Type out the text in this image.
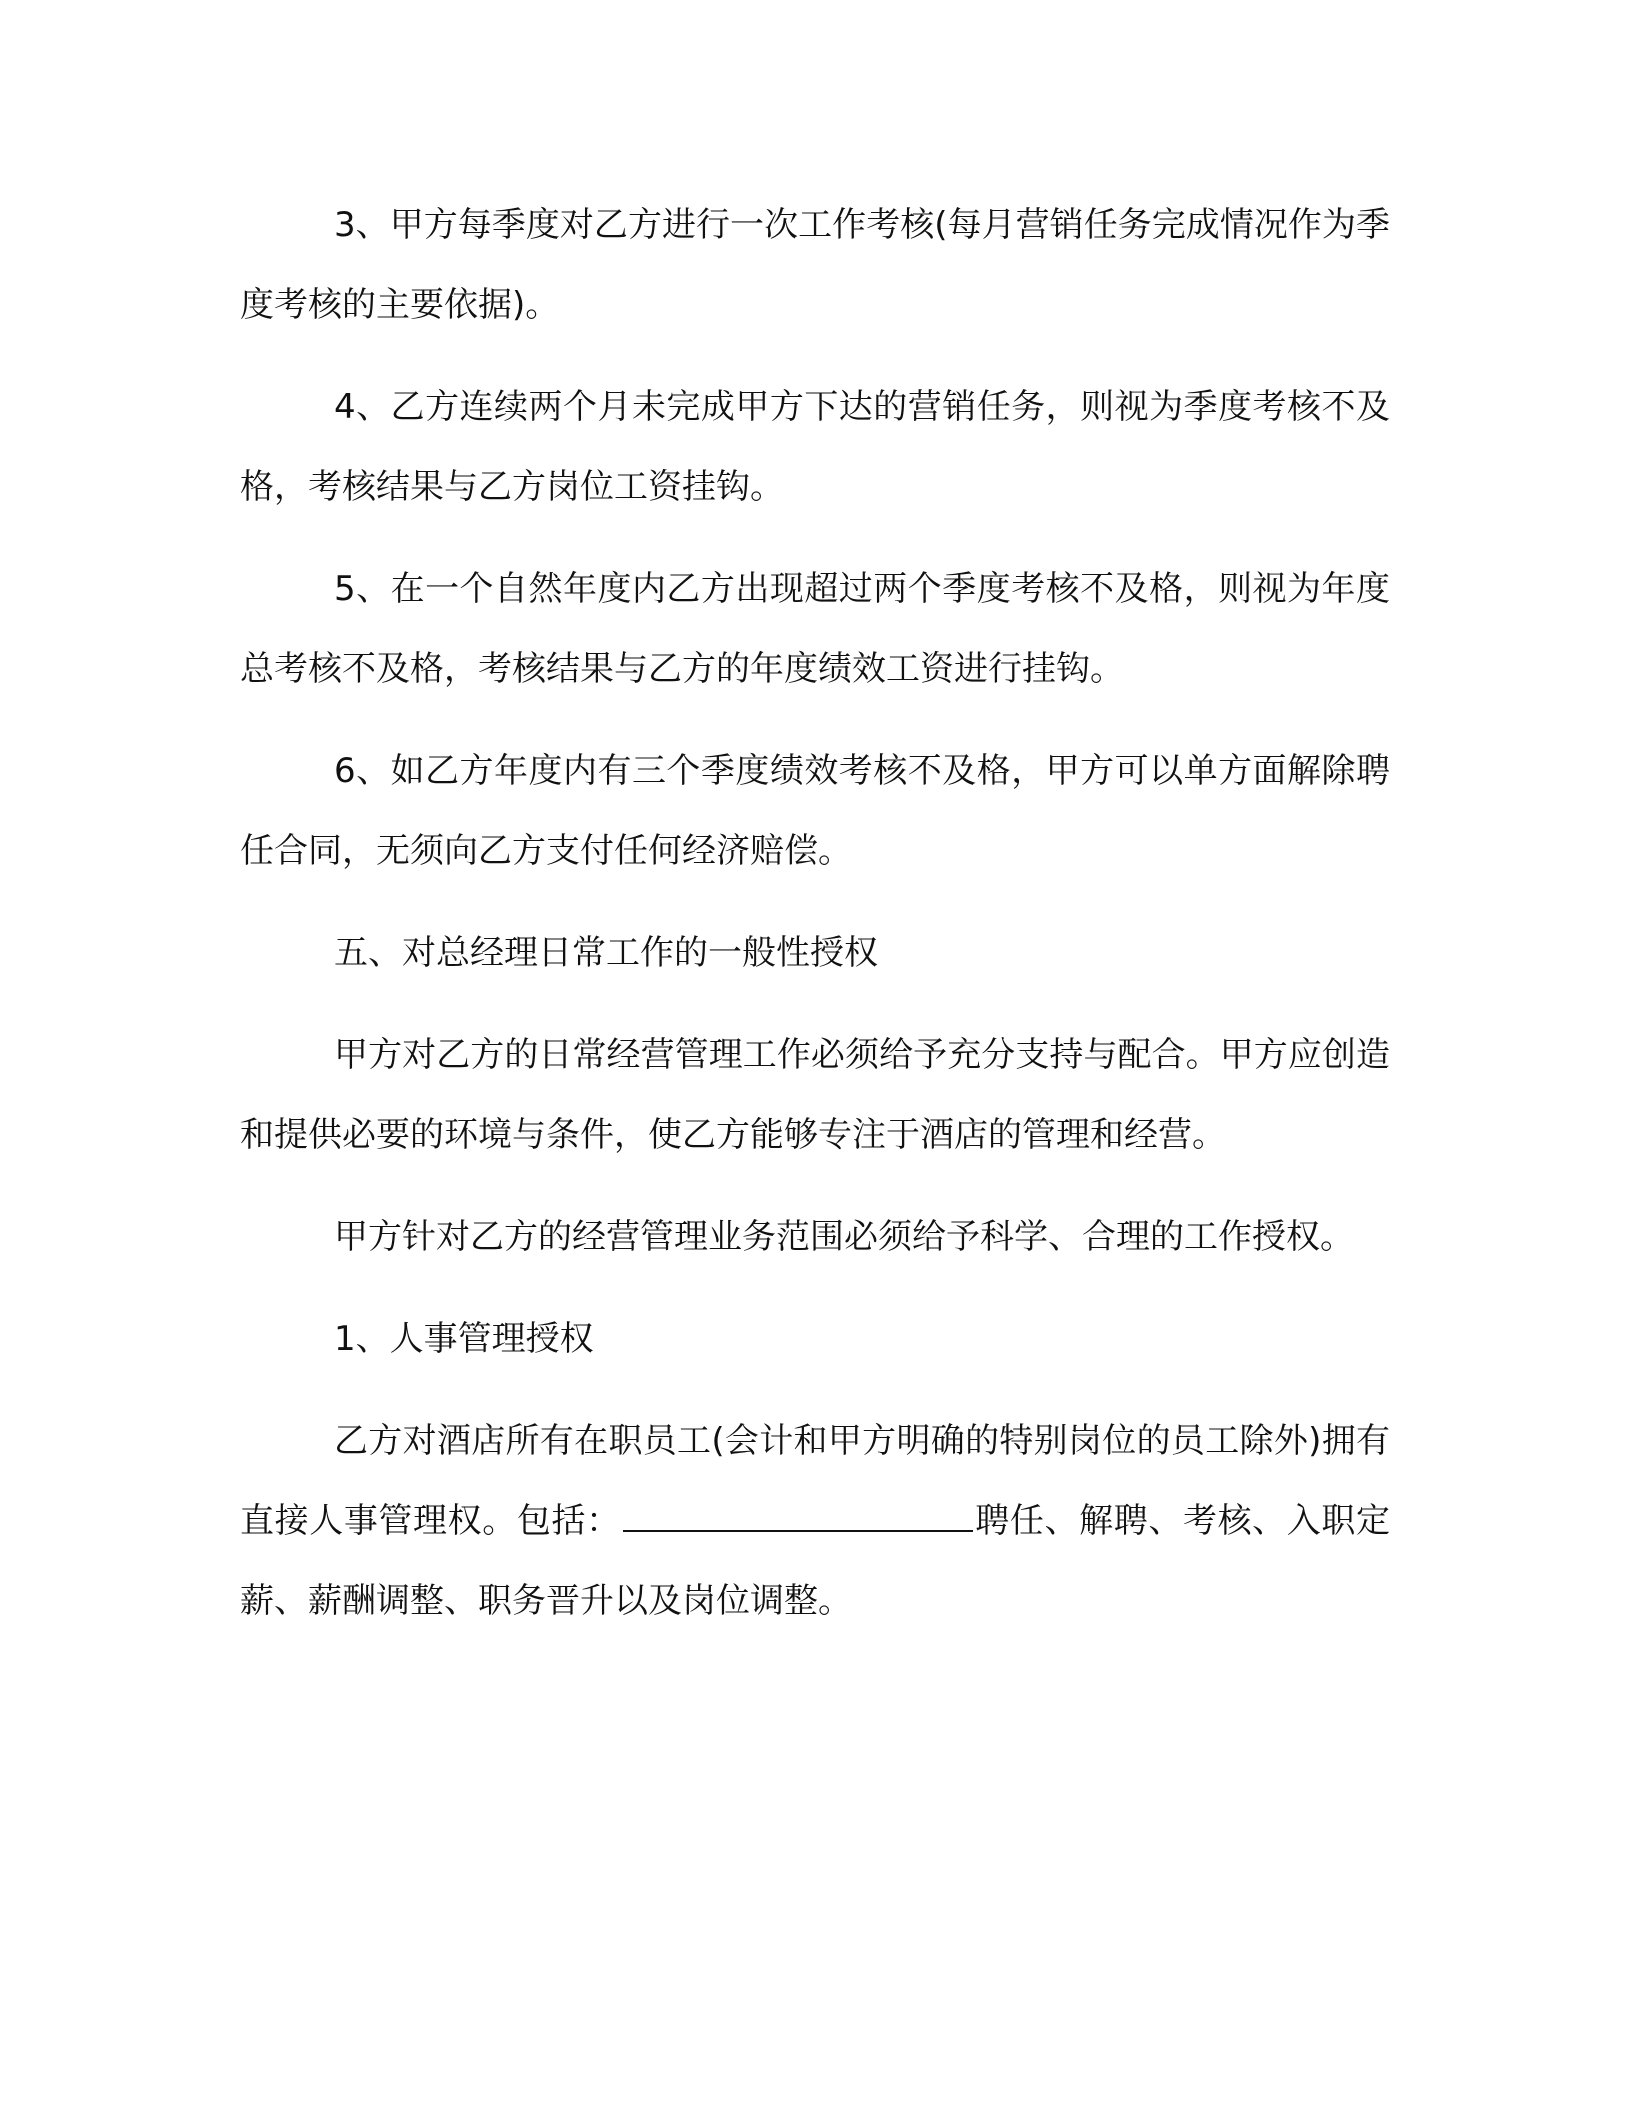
3、甲方每季度对乙方进行一次工作考核(每月营销任务完成情况作为季度考核的主要依据)。

4、乙方连续两个月未完成甲方下达的营销任务，则视为季度考核不及格，考核结果与乙方岗位工资挂钩。

5、在一个自然年度内乙方出现超过两个季度考核不及格，则视为年度总考核不及格，考核结果与乙方的年度绩效工资进行挂钩。

6、如乙方年度内有三个季度绩效考核不及格，甲方可以单方面解除聘任合同，无须向乙方支付任何经济赔偿。

五、对总经理日常工作的一般性授权

甲方对乙方的日常经营管理工作必须给予充分支持与配合。甲方应创造和提供必要的环境与条件，使乙方能够专注于酒店的管理和经营。

甲方针对乙方的经营管理业务范围必须给予科学、合理的工作授权。

1、人事管理授权

乙方对酒店所有在职员工(会计和甲方明确的特别岗位的员工除外)拥有直接人事管理权。包括：	聘任、解聘、考核、入职定薪、薪酬调整、职务晋升以及岗位调整。
